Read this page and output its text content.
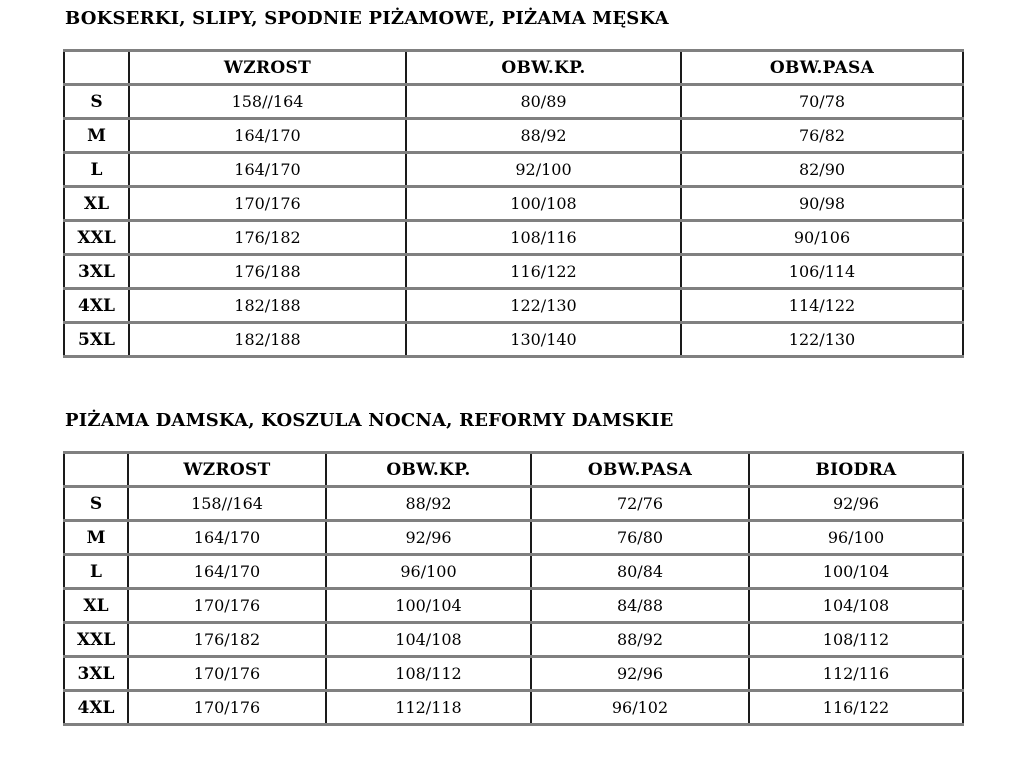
BOKSERKI, SLIPY, SPODNIE PIŻAMOWE, PIŻAMA MĘSKA
	WZROST	OBW.KP.	OBW.PASA
S	158//164	80/89	70/78
M	164/170	88/92	76/82
L	164/170	92/100	82/90
XL	170/176	100/108	90/98
XXL	176/182	108/116	90/106
3XL	176/188	116/122	106/114
4XL	182/188	122/130	114/122
5XL	182/188	130/140	122/130
PIŻAMA DAMSKA, KOSZULA NOCNA, REFORMY DAMSKIE
	WZROST	OBW.KP.	OBW.PASA	BIODRA
S	158//164	88/92	72/76	92/96
M	164/170	92/96	76/80	96/100
L	164/170	96/100	80/84	100/104
XL	170/176	100/104	84/88	104/108
XXL	176/182	104/108	88/92	108/112
3XL	170/176	108/112	92/96	112/116
4XL	170/176	112/118	96/102	116/122
